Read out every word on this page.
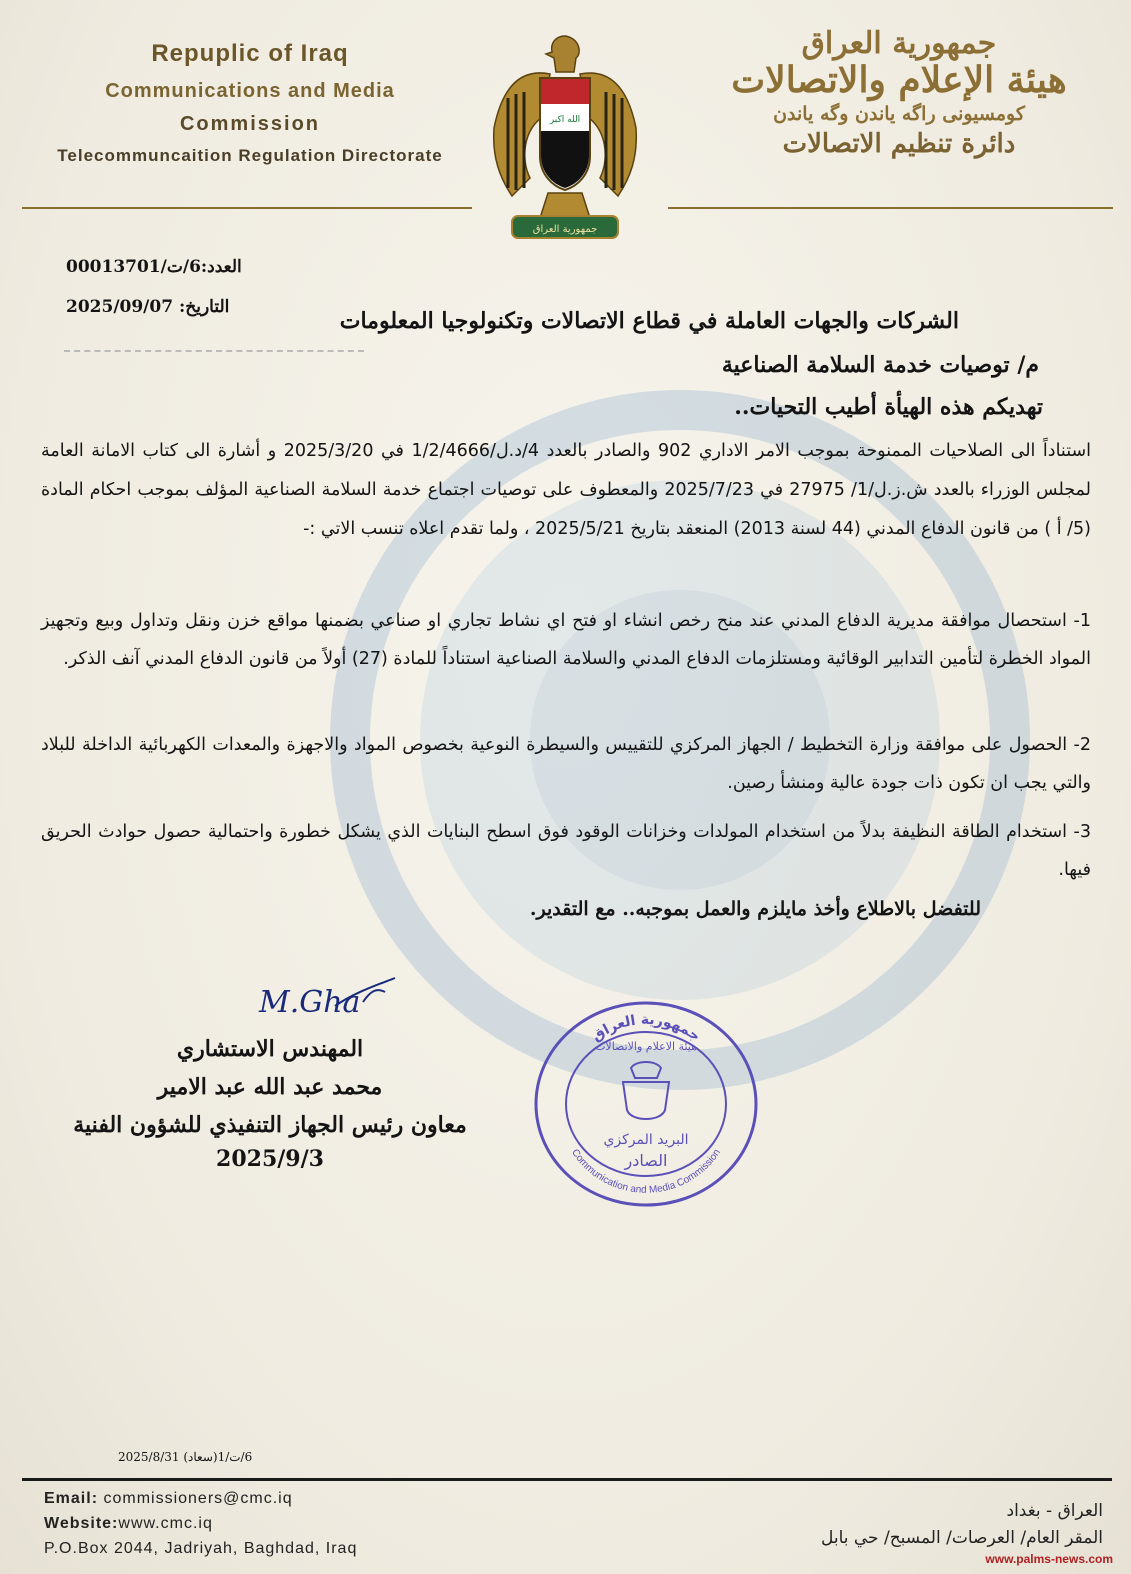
Repuplic of Iraq
Communications and Media
Commission
Telecommuncaition Regulation Directorate
جمهورية العراق
هيئة الإعلام والاتصالات
كومسيونى راگه ياندن وگه ياندن
دائرة تنظيم الاتصالات
الله اكبر
جمهورية العراق
العدد:6/ت/00013701
التاريخ: 2025/09/07
الشركات والجهات العاملة في قطاع الاتصالات وتكنولوجيا المعلومات
م/ توصيات خدمة السلامة الصناعية
تهديكم هذه الهيأة أطيب التحيات..
استناداً الى الصلاحيات الممنوحة بموجب الامر الاداري 902 والصادر بالعدد 4/د.ل/1/2/4666 في 2025/3/20 و أشارة الى كتاب الامانة العامة لمجلس الوزراء بالعدد ش.ز.ل/1/ 27975 في 2025/7/23 والمعطوف على توصيات اجتماع خدمة السلامة الصناعية المؤلف بموجب احكام المادة (5/ أ ) من قانون الدفاع المدني (44 لسنة 2013) المنعقد بتاريخ 2025/5/21 ، ولما تقدم اعلاه تنسب الاتي :-
1- استحصال موافقة مديرية الدفاع المدني عند منح رخص انشاء او فتح اي نشاط تجاري او صناعي بضمنها مواقع خزن ونقل وتداول وبيع وتجهيز المواد الخطرة لتأمين التدابير الوقائية ومستلزمات الدفاع المدني والسلامة الصناعية استناداً للمادة (27) أولاً من قانون الدفاع المدني آنف الذكر.
2- الحصول على موافقة وزارة التخطيط / الجهاز المركزي للتقييس والسيطرة النوعية بخصوص المواد والاجهزة والمعدات الكهربائية الداخلة للبلاد والتي يجب ان تكون ذات جودة عالية ومنشأ رصين.
3- استخدام الطاقة النظيفة بدلاً من استخدام المولدات وخزانات الوقود فوق اسطح البنايات الذي يشكل خطورة واحتمالية حصول حوادث الحريق فيها.
للتفضل بالاطلاع وأخذ مايلزم والعمل بموجبه.. مع التقدير.
M.Gha
المهندس الاستشاري
محمد عبد الله عبد الامير
معاون رئيس الجهاز التنفيذي للشؤون الفنية
2025/9/3
جمهورية العراق
هيئة الاعلام والاتصالات
البريد المركزي
الصادر
Communication and Media Commission
6/ت/1(سعاد) 2025/8/31
Email: commissioners@cmc.iq
Website:www.cmc.iq
P.O.Box 2044, Jadriyah, Baghdad, Iraq
العراق - بغداد
المقر العام/ العرصات/ المسبح/ حي بابل
www.palms-news.com
